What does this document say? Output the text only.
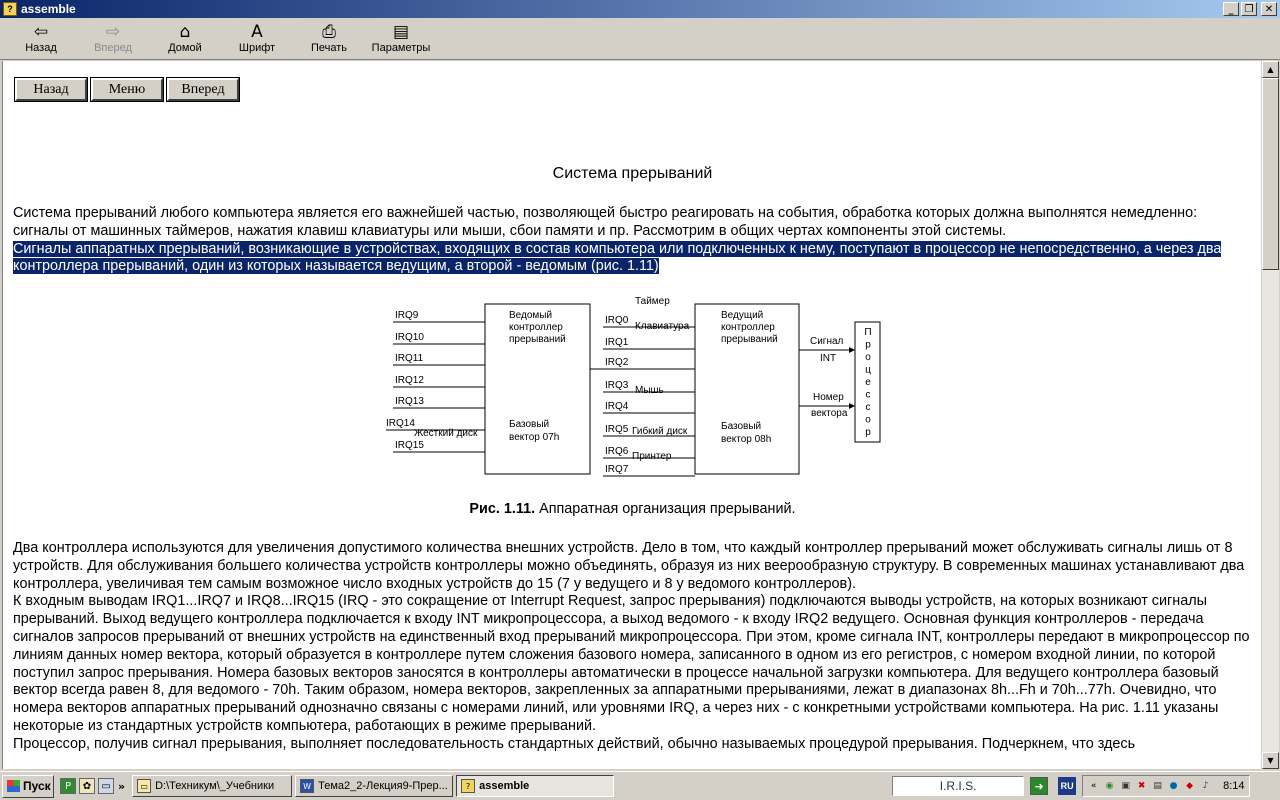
? assemble	_	❐	✕
⇦
Назад
⇨
Вперед
⌂
Домой
A
Шрифт
⎙
Печать
▤
Параметры
Назад	Меню	Вперед
Система прерываний
Система прерываний любого компьютера является его важнейшей частью, позволяющей быстро реагировать на события, обработка которых должна выполнятся немедленно: сигналы от машинных таймеров, нажатия клавиш клавиатуры или мыши, сбои памяти и пр. Рассмотрим в общих чертах компоненты этой системы.
Сигналы аппаратных прерываний, возникающие в устройствах, входящих в состав компьютера или подключенных к нему, поступают в процессор не непосредственно, а через два контроллера прерываний, один из которых называется ведущим, а второй - ведомым (рис. 1.11)
Ведомый
контроллер
прерываний
Базовый
вектор 07h
Ведущий
контроллер
прерываний
Базовый
вектор 08h
П
р
о
ц
е
с
с
о
р
IRQ9
IRQ10
IRQ11
IRQ12
IRQ13
IRQ14
IRQ15
IRQ0
IRQ1
IRQ2
IRQ3
IRQ4
IRQ5
IRQ6
IRQ7
Таймер
Клавиатура
Мышь
Жесткий диск	Гибкий диск
Принтер
Сигнал
INT
Номер
вектора
Рис. 1.11. Аппаратная организация прерываний.
Два контроллера используются для увеличения допустимого количества внешних устройств. Дело в том, что каждый контроллер прерываний может обслуживать сигналы лишь от 8 устройств. Для обслуживания большего количества устройств контроллеры можно объединять, образуя из них веерообразную структуру. В современных машинах устанавливают два контроллера, увеличивая тем самым возможное число входных устройств до 15 (7 у ведущего и 8 у ведомого контроллеров).
К входным выводам IRQ1...IRQ7 и IRQ8...IRQ15 (IRQ - это сокращение от Interrupt Request, запрос прерывания) подключаются выводы устройств, на которых возникают сигналы прерываний. Выход ведущего контроллера подключается к входу INT микропроцессора, а выход ведомого - к входу IRQ2 ведущего. Основная функция контроллеров - передача сигналов запросов прерываний от внешних устройств на единственный вход прерываний микропроцессора. При этом, кроме сигнала INT, контроллеры передают в микропроцессор по линиям данных номер вектора, который образуется в контроллере путем сложения базового номера, записанного в одном из его регистров, с номером входной линии, по которой поступил запрос прерывания. Номера базовых векторов заносятся в контроллеры автоматически в процессе начальной загрузки компьютера. Для ведущего контроллера базовый вектор всегда равен 8, для ведомого - 70h. Таким образом, номера векторов, закрепленных за аппаратными прерываниями, лежат в диапазонах 8h...Fh и 70h...77h. Очевидно, что номера векторов аппаратных прерываний однозначно связаны с номерами линий, или уровнями IRQ, а через них - с конкретными устройствами компьютера. На рис. 1.11 указаны некоторые из стандартных устройств компьютера, работающих в режиме прерываний.
Процессор, получив сигнал прерывания, выполняет последовательность стандартных действий, обычно называемых процедурой прерывания. Подчеркнем, что здесь
▲
▼
Пуск	P	✿	▭ »	▭ D:\Техникум\_Учебники	W Тема2_2-Лекция9-Прер...	? assemble	I.R.I.S.	➜	RU	«	◉ ▣ ✖ ▤ ● ◆	♪	8:14
